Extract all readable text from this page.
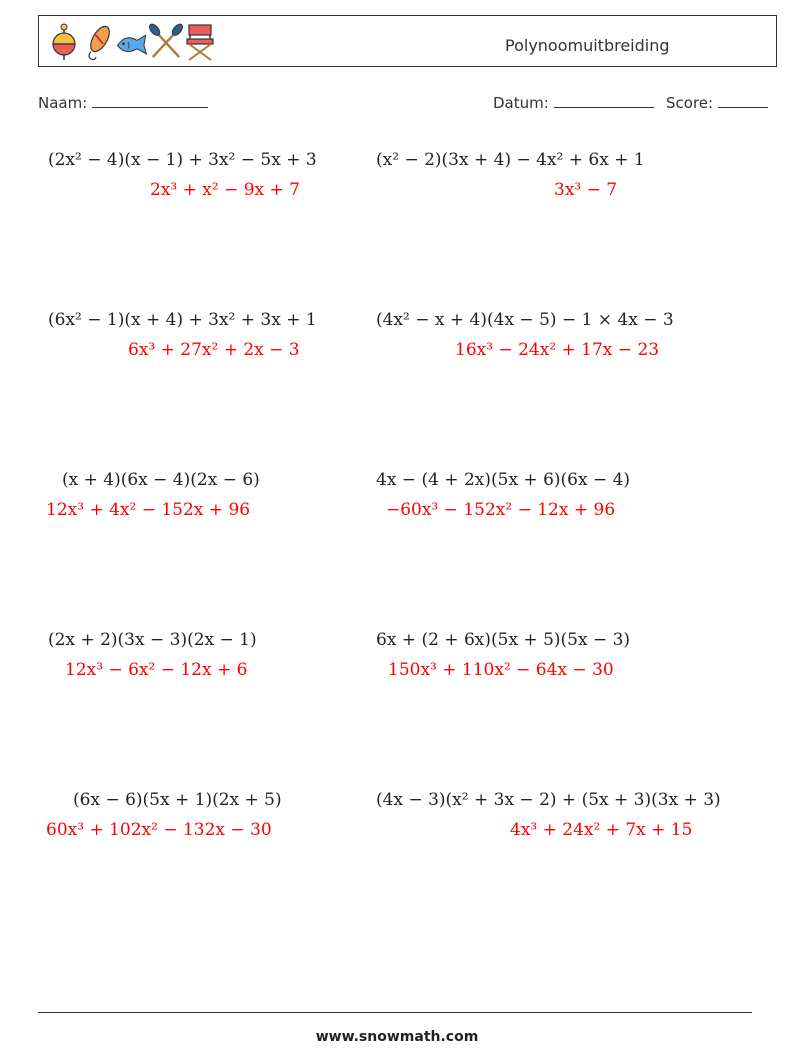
Polynoomuitbreiding
Naam:	Datum:	Score:
(2x² − 4)(x − 1) + 3x² − 5x + 3
2x³ + x² − 9x + 7
(x² − 2)(3x + 4) − 4x² + 6x + 1
3x³ − 7
(6x² − 1)(x + 4) + 3x² + 3x + 1
6x³ + 27x² + 2x − 3
(4x² − x + 4)(4x − 5) − 1 × 4x − 3
16x³ − 24x² + 17x − 23
(x + 4)(6x − 4)(2x − 6)
12x³ + 4x² − 152x + 96
4x − (4 + 2x)(5x + 6)(6x − 4)
−60x³ − 152x² − 12x + 96
(2x + 2)(3x − 3)(2x − 1)
12x³ − 6x² − 12x + 6
6x + (2 + 6x)(5x + 5)(5x − 3)
150x³ + 110x² − 64x − 30
(6x − 6)(5x + 1)(2x + 5)
60x³ + 102x² − 132x − 30
(4x − 3)(x² + 3x − 2) + (5x + 3)(3x + 3)
4x³ + 24x² + 7x + 15
www.snowmath.com
